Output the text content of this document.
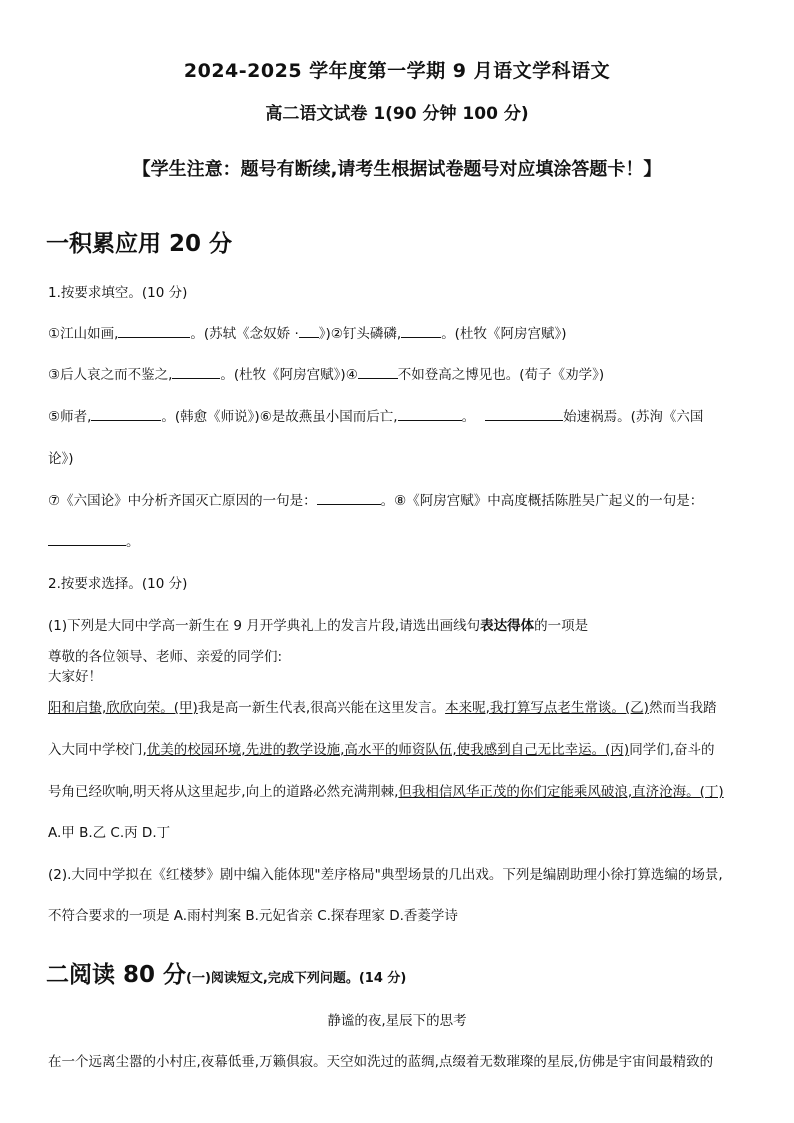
2024-2025 学年度第一学期 9 月语文学科语文
高二语文试卷 1(90 分钟 100 分)
【学生注意：题号有断续,请考生根据试卷题号对应填涂答题卡！】
一积累应用 20 分
1.按要求填空。(10 分)
①江山如画,	。(苏轼《念奴娇 · 》)②钉头磷磷,	。(杜牧《阿房宫赋》)
③后人哀之而不鉴之,	。(杜牧《阿房宫赋》)④	不如登高之博见也。(荀子《劝学》)
⑤师者,	。(韩愈《师说》)⑥是故燕虽小国而后亡,	。	始速祸焉。(苏洵《六国
论》)
⑦《六国论》中分析齐国灭亡原因的一句是：	。⑧《阿房宫赋》中高度概括陈胜吴广起义的一句是：
。
2.按要求选择。(10 分)
(1)下列是大同中学高一新生在 9 月开学典礼上的发言片段,请选出画线句表达得体的一项是
尊敬的各位领导、老师、亲爱的同学们:
大家好！
阳和启蛰,欣欣向荣。(甲)我是高一新生代表,很高兴能在这里发言。本来呢,我打算写点老生常谈。(乙)然而当我踏
入大同中学校门,优美的校园环境,先进的教学设施,高水平的师资队伍,使我感到自己无比幸运。(丙)同学们,奋斗的
号角已经吹响,明天将从这里起步,向上的道路必然充满荆棘,但我相信风华正茂的你们定能乘风破浪,直济沧海。(丁)
A.甲 B.乙 C.丙 D.丁
(2).大同中学拟在《红楼梦》剧中编入能体现"差序格局"典型场景的几出戏。下列是编剧助理小徐打算选编的场景,
不符合要求的一项是 A.雨村判案 B.元妃省亲 C.探春理家 D.香菱学诗
二阅读 80 分(一)阅读短文,完成下列问题。(14 分)
静谧的夜,星辰下的思考
在一个远离尘嚣的小村庄,夜幕低垂,万籁俱寂。天空如洗过的蓝绸,点缀着无数璀璨的星辰,仿佛是宇宙间最精致的
